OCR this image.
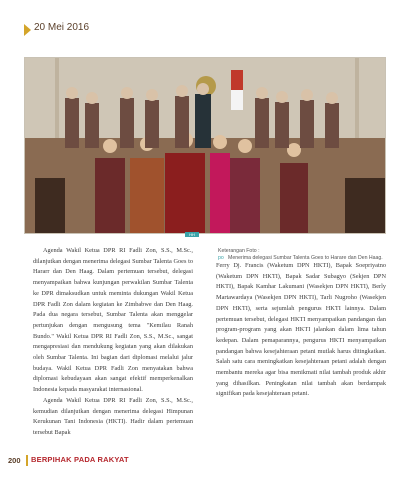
20 Mei 2016
HH
Keterangan Foto :
po Menerima delegasi Sumbar Talenta Goes to Harare dan Den Haag.

Agenda Wakil Ketua DPR RI Fadli Zon, S.S., M.Sc., dilanjutkan dengan menerima delegasi Sumbar Talenta Goes to Hararr dan Den Haag. Dalam pertemuan tersebut, delegasi menyampaikan bahwa kunjungan perwakilan Sumbar Talenta ke DPR dimaksudkan untuk meminta dukungan Wakil Ketua DPR Fadli Zon dalam kegiatan ke Zimbabwe dan Den Haag. Pada dua negara tersebut, Sumbar Talenta akan menggelar pertunjukan dengan mengusung tema "Kemilau Ranah Bundo." Wakil Ketua DPR RI Fadli Zon, S.S., M.Sc., sangat mengapresiasi dan mendukung kegiatan yang akan dilakukan oleh Sumbar Talenta. Ini bagian dari diplomasi melalui jalur budaya. Wakil Ketua DPR Fadli Zon menyatakan bahwa diplomasi kebudayaan akan sangat efektif memperkenalkan Indonesia kepada masyarakat internasional.

Agenda Wakil Ketua DPR RI Fadli Zon, S.S., M.Sc., kemudian dilanjutkan dengan menerima delegasi Himpunan Kerukunan Tani Indonesia (HKTI). Hadir dalam pertemuan tersebut Bapak

Ferry Dj. Francis (Waketum DPN HKTI), Bapak Soepriyatno (Waketum DPN HKTI), Bapak Sadar Subagyo (Sekjen DPN HKTI), Bapak Kamhar Lakumani (Wasekjen DPN HKTI), Berly Martawardaya (Wasekjen DPN HKTI), Tarli Nugroho (Wasekjen DPN HKTI), serta sejumlah pengurus HKTI lainnya. Dalam pertemuan tersebut, delegasi HKTI menyampaikan pandangan dan program-program yang akan HKTI jalankan dalam lima tahun kedepan. Dalam pemaparannya, pengurus HKTI menyampaikan pandangan bahwa kesejahteraan petani mutlak harus ditingkatkan. Salah satu cara meningkatkan kesejahteraan petani adalah dengan membantu mereka agar bisa menikmati nilai tambah produk akhir yang dihasilkan. Peningkatan nilai tambah akan berdampak signifikan pada kesejahteraan petani.

200 BERPIHAK PADA RAKYAT
